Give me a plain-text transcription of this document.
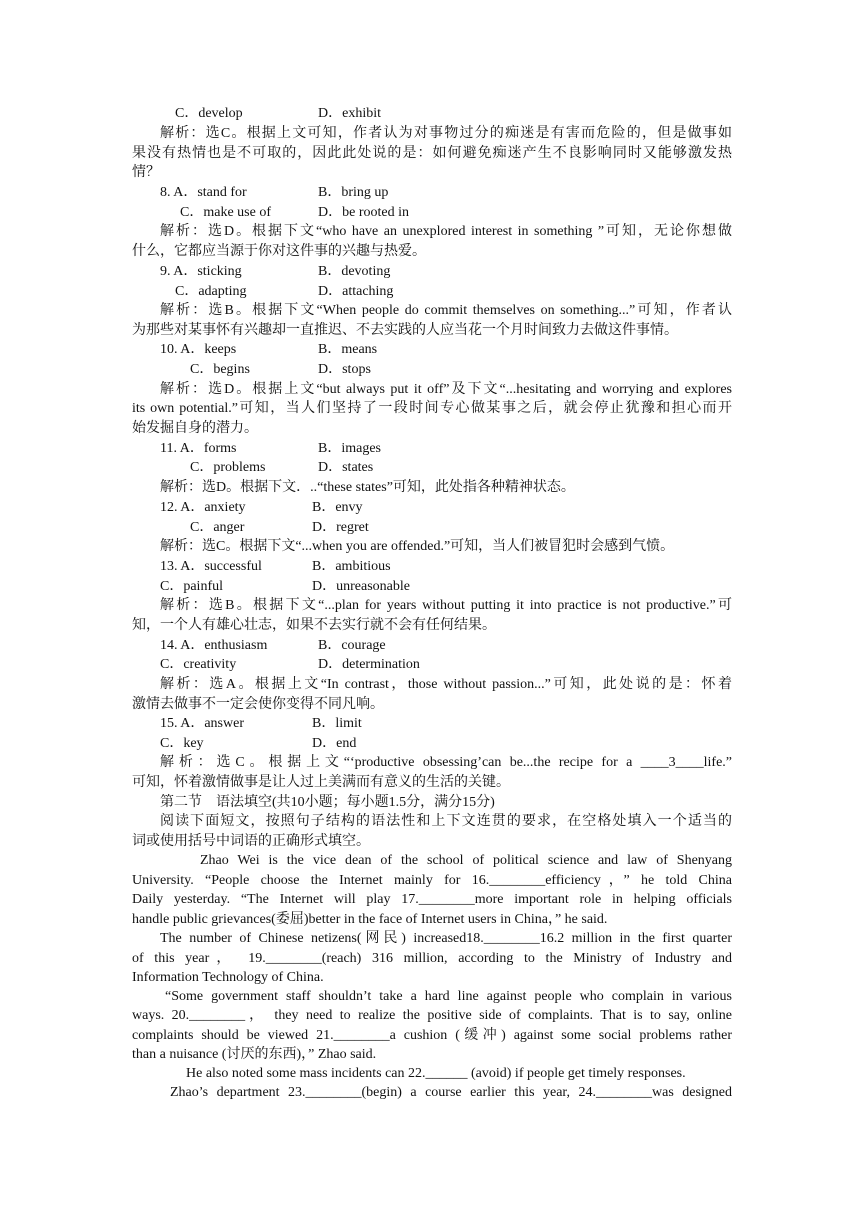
C．develop	D．exhibit
解析：选C。根据上文可知，作者认为对事物过分的痴迷是有害而危险的，但是做事如
果没有热情也是不可取的，因此此处说的是：如何避免痴迷产生不良影响同时又能够激发热
情？
8. A．stand for	B．bring up
C．make use of	D．be rooted in
解析：选D。根据下文“who have an unexplored interest in something ”可知，无论你想做
什么，它都应当源于你对这件事的兴趣与热爱。
9. A．sticking	B．devoting
C．adapting	D．attaching
解析：选B。根据下文“When people do commit themselves on something...”可知，作者认
为那些对某事怀有兴趣却一直推迟、不去实践的人应当花一个月时间致力去做这件事情。
10. A．keeps	B．means
C．begins	D．stops
解析：选D。根据上文“but always put it off”及下文“...hesitating and worrying and explores
its own potential.”可知，当人们坚持了一段时间专心做某事之后，就会停止犹豫和担心而开
始发掘自身的潜力。
11. A．forms	B．images
C．problems	D．states
解析：选D。根据下文．..“these states”可知，此处指各种精神状态。
12. A．anxiety	B．envy
C．anger	D．regret
解析：选C。根据下文“...when you are offended.”可知，当人们被冒犯时会感到气愤。
13. A．successful	B．ambitious
C．painful	D．unreasonable
解析：选B。根据下文“...plan for years without putting it into practice is not productive.”可
知，一个人有雄心壮志，如果不去实行就不会有任何结果。
14. A．enthusiasm	B．courage
C．creativity	D．determination
解析：选A。根据上文“In contrast，those without passion...”可知，此处说的是：怀着
激情去做事不一定会使你变得不同凡响。
15. A．answer	B．limit
C．key	D．end
解析：选C。根据上文“‘productive obsessing’can be...the recipe for a ____3____life.”
可知，怀着激情做事是让人过上美满而有意义的生活的关键。
第二节　语法填空(共10小题；每小题1.5分，满分15分)
阅读下面短文，按照句子结构的语法性和上下文连贯的要求，在空格处填入一个适当的
词或使用括号中词语的正确形式填空。
Zhao Wei is the vice dean of the school of political science and law of Shenyang
University. “People choose the Internet mainly for 16.________efficiency，” he told China
Daily yesterday. “The Internet will play 17.________more important role in helping officials
handle public grievances(委屈)better in the face of Internet users in China，” he said.
The number of Chinese netizens(网民) increased18.________16.2 million in the first quarter
of this year， 19.________(reach) 316 million, according to the Ministry of Industry and
Information Technology of China.
“Some government staff shouldn’t take a hard line against people who complain in various
ways. 20.________， they need to realize the positive side of complaints. That is to say, online
complaints should be viewed 21.________a cushion (缓冲) against some social problems rather
than a nuisance (讨厌的东西)，” Zhao said.
He also noted some mass incidents can 22.______ (avoid) if people get timely responses.
Zhao’s department 23.________(begin) a course earlier this year, 24.________was designed
